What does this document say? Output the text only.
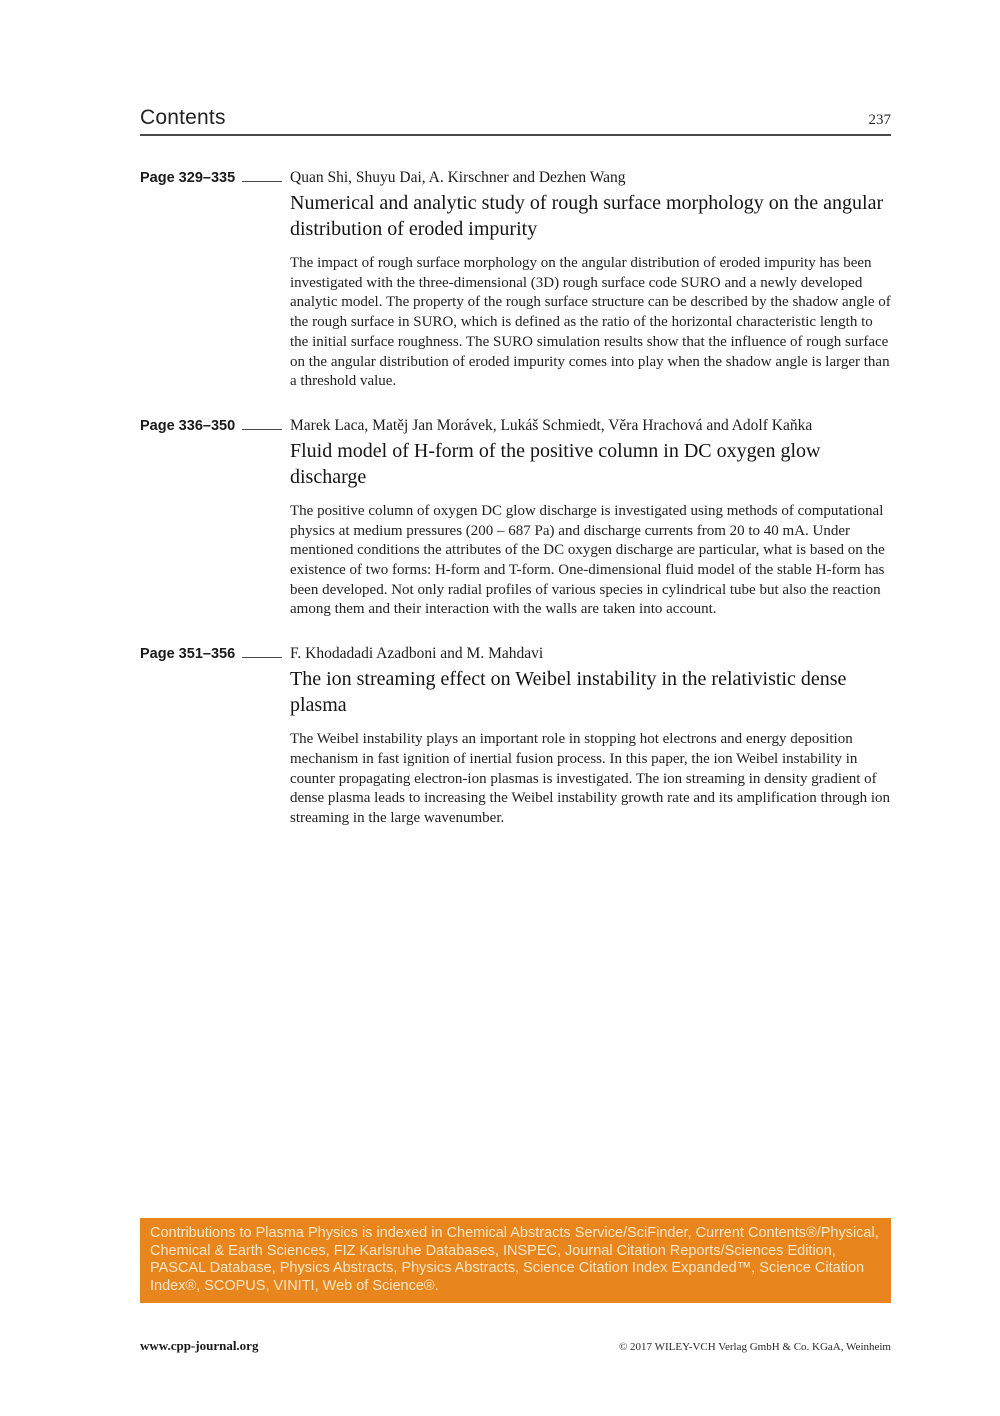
Contents	237
Page 329–335	Quan Shi, Shuyu Dai, A. Kirschner and Dezhen Wang
Numerical and analytic study of rough surface morphology on the angular distribution of eroded impurity

The impact of rough surface morphology on the angular distribution of eroded impurity has been investigated with the three-dimensional (3D) rough surface code SURO and a newly developed analytic model. The property of the rough surface structure can be described by the shadow angle of the rough surface in SURO, which is defined as the ratio of the horizontal characteristic length to the initial surface roughness. The SURO simulation results show that the influence of rough surface on the angular distribution of eroded impurity comes into play when the shadow angle is larger than a threshold value.

Page 336–350	Marek Laca, Matěj Jan Morávek, Lukáš Schmiedt, Věra Hrachová and Adolf Kaňka
Fluid model of H-form of the positive column in DC oxygen glow discharge

The positive column of oxygen DC glow discharge is investigated using methods of computational physics at medium pressures (200 – 687 Pa) and discharge currents from 20 to 40 mA. Under mentioned conditions the attributes of the DC oxygen discharge are particular, what is based on the existence of two forms: H-form and T-form. One-dimensional fluid model of the stable H-form has been developed. Not only radial profiles of various species in cylindrical tube but also the reaction among them and their interaction with the walls are taken into account.

Page 351–356	F. Khodadadi Azadboni and M. Mahdavi
The ion streaming effect on Weibel instability in the relativistic dense plasma

The Weibel instability plays an important role in stopping hot electrons and energy deposition mechanism in fast ignition of inertial fusion process. In this paper, the ion Weibel instability in counter propagating electron-ion plasmas is investigated. The ion streaming in density gradient of dense plasma leads to increasing the Weibel instability growth rate and its amplification through ion streaming in the large wavenumber.

Contributions to Plasma Physics is indexed in Chemical Abstracts Service/SciFinder, Current Contents®/Physical, Chemical & Earth Sciences, FIZ Karlsruhe Databases, INSPEC, Journal Citation Reports/Sciences Edition, PASCAL Database, Physics Abstracts, Physics Abstracts, Science Citation Index Expanded™, Science Citation Index®, SCOPUS, VINITI, Web of Science®.

www.cpp-journal.org	© 2017 WILEY-VCH Verlag GmbH & Co. KGaA, Weinheim
